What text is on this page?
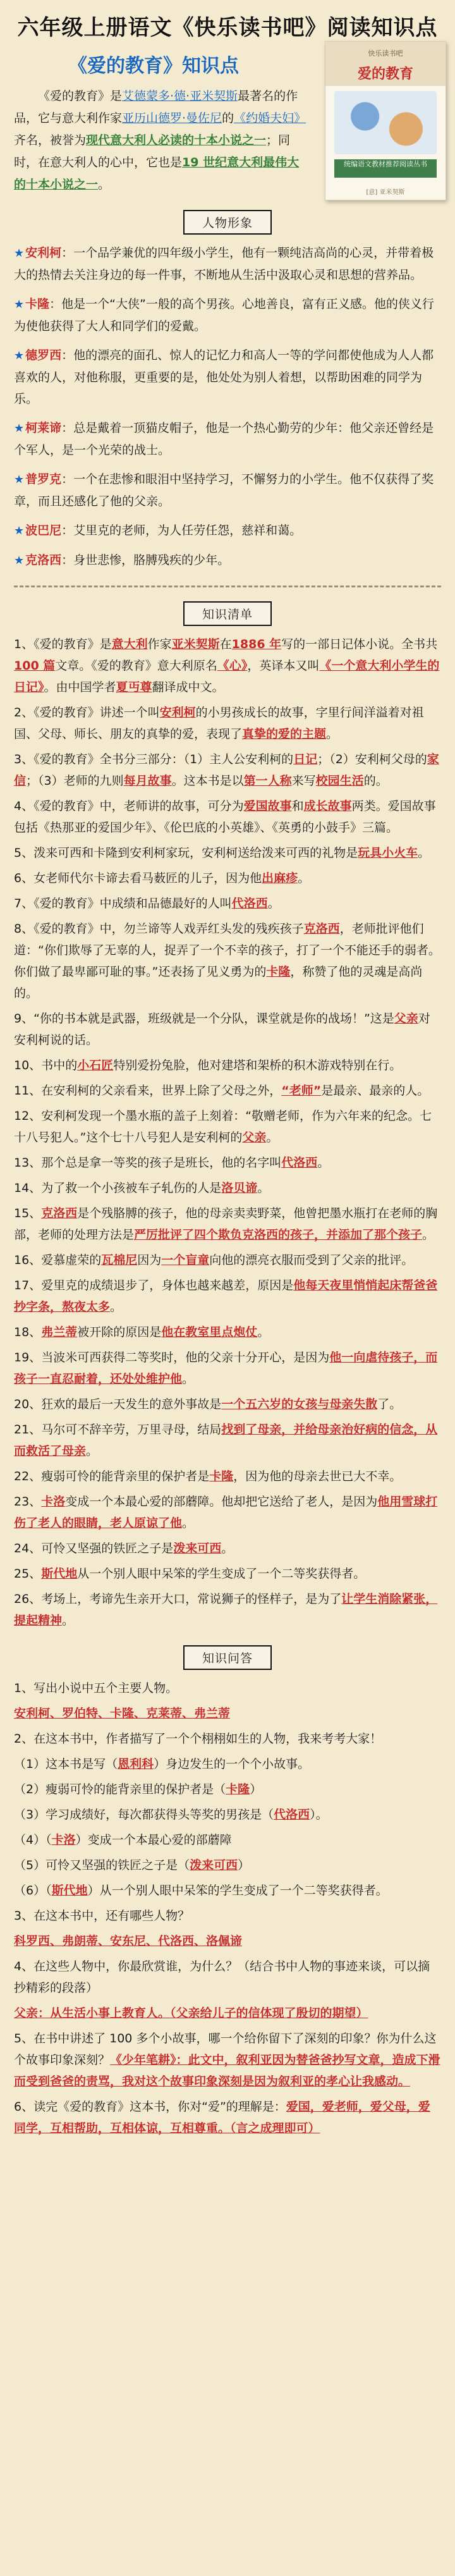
六年级上册语文《快乐读书吧》阅读知识点
《爱的教育》知识点
快乐读书吧
爱的教育
统编语文教材推荐阅读丛书
[意] 亚米契斯
《爱的教育》是艾德蒙多·德·亚米契斯最著名的作品，它与意大利作家亚历山德罗·曼佐尼的《约婚夫妇》齐名，被誉为现代意大利人必读的十本小说之一；同时，在意大利人的心中，它也是19 世纪意大利最伟大的十本小说之一。
人物形象
★ 安利柯：一个品学兼优的四年级小学生，他有一颗纯洁高尚的心灵，并带着极大的热情去关注身边的每一件事，不断地从生活中汲取心灵和思想的营养品。
★ 卡隆：他是一个“大侠”一般的高个男孩。心地善良，富有正义感。他的侠义行为使他获得了大人和同学们的爱戴。
★ 德罗西：他的漂亮的面孔、惊人的记忆力和高人一等的学问都使他成为人人都喜欢的人，对他称服，更重要的是，他处处为别人着想，以帮助困难的同学为乐。
★ 柯莱谛：总是戴着一顶猫皮帽子，他是一个热心勤劳的少年：他父亲还曾经是个军人，是一个光荣的战士。
★ 普罗克：一个在悲惨和眼泪中坚持学习，不懈努力的小学生。他不仅获得了奖章，而且还感化了他的父亲。
★ 波巴尼：艾里克的老师，为人任劳任怨，慈祥和蔼。
★ 克洛西：身世悲惨，胳膊残疾的少年。
知识清单
1、《爱的教育》是意大利作家亚米契斯在1886 年写的一部日记体小说。全书共100 篇文章。《爱的教育》意大利原名《心》，英译本又叫《一个意大利小学生的日记》。由中国学者夏丏尊翻译成中文。
2、《爱的教育》讲述一个叫安利柯的小男孩成长的故事，字里行间洋溢着对祖国、父母、师长、朋友的真挚的爱，表现了真挚的爱的主题。
3、《爱的教育》全书分三部分：（1）主人公安利柯的日记；（2）安利柯父母的家信；（3）老师的九则每月故事。这本书是以第一人称来写校园生活的。
4、《爱的教育》中，老师讲的故事，可分为爱国故事和成长故事两类。爱国故事包括《热那亚的爱国少年》、《伦巴底的小英雄》、《英勇的小鼓手》三篇。
5、泼来可西和卡隆到安利柯家玩，安利柯送给泼来可西的礼物是玩具小火车。
6、女老师代尔卡谛去看马薮匠的儿子，因为他出麻疹。
7、《爱的教育》中成绩和品德最好的人叫代洛西。
8、《爱的教育》中，勿兰谛等人戏弄红头发的残疾孩子克洛西，老师批评他们道：“你们欺辱了无辜的人，捉弄了一个不幸的孩子，打了一个不能还手的弱者。你们做了最卑鄙可耻的事。”还表扬了见义勇为的卡隆，称赞了他的灵魂是高尚的。
9、“你的书本就是武器，班级就是一个分队，课堂就是你的战场！”这是父亲对安利柯说的话。
10、书中的小石匠特别爱扮兔脸，他对建塔和架桥的积木游戏特别在行。
11、在安利柯的父亲看来，世界上除了父母之外，“老师”是最亲、最亲的人。
12、安利柯发现一个墨水瓶的盖子上刻着：“敬赠老师，作为六年来的纪念。七十八号犯人。”这个七十八号犯人是安利柯的父亲。
13、那个总是拿一等奖的孩子是班长，他的名字叫代洛西。
14、为了救一个小孩被车子轧伤的人是洛贝谛。
15、克洛西是个残胳膊的孩子，他的母亲卖卖野菜，他曾把墨水瓶打在老师的胸部，老师的处理方法是严厉批评了四个欺负克洛西的孩子，并添加了那个孩子。
16、爱慕虚荣的瓦棉尼因为一个盲童向他的漂亮衣服而受到了父亲的批评。
17、爱里克的成绩退步了，身体也越来越差，原因是他每天夜里悄悄起床帮爸爸抄字条，熬夜太多。
18、弗兰蒂被开除的原因是他在教室里点炮仗。
19、当波米可西获得二等奖时，他的父亲十分开心，是因为他一向虐待孩子，而孩子一直忍耐着，还处处维护他。
20、狂欢的最后一天发生的意外事故是一个五六岁的女孩与母亲失散了。
21、马尔可不辞辛劳，万里寻母，结局找到了母亲，并给母亲治好病的信念，从而救活了母亲。
22、瘦弱可怜的能背亲里的保护者是卡隆，因为他的母亲去世已大不幸。
23、卡洛变成一个本最心爱的部蘑障。他却把它送给了老人，是因为他用雪球打伤了老人的眼睛，老人原谅了他。
24、可怜又坚强的铁匠之子是泼来可西。
25、斯代地从一个别人眼中呆笨的学生变成了一个二等奖获得者。
26、考场上，考谛先生亲开大口，常说狮子的怪样子，是为了让学生消除紧张，提起精神。
知识问答
1、写出小说中五个主要人物。
安利柯、罗伯特、卡隆、克莱蒂、弗兰蒂
2、在这本书中，作者描写了一个个栩栩如生的人物，我来考考大家！
（1）这本书是写（恩利科）身边发生的一个个小故事。
（2）瘦弱可怜的能背亲里的保护者是（卡隆）
（3）学习成绩好，每次都获得头等奖的男孩是（代洛西）。
（4）（卡洛）变成一个本最心爱的部蘑障
（5）可怜又坚强的铁匠之子是（泼来可西）
（6）（斯代地）从一个别人眼中呆笨的学生变成了一个二等奖获得者。
3、在这本书中，还有哪些人物？
科罗西、弗朗蒂、安东尼、代洛西、洛佩谛
4、在这些人物中，你最欣赏谁，为什么？（结合书中人物的事迹来谈，可以摘抄精彩的段落）
父亲：从生活小事上教育人。（父亲给儿子的信体现了殷切的期望）
5、在书中讲述了 100 多个小故事，哪一个给你留下了深刻的印象？你为什么这个故事印象深刻？《少年笔耕》：此文中，叙利亚因为替爸爸抄写文章，造成下滑而受到爸爸的责骂，我对这个故事印象深刻是因为叙利亚的孝心让我感动。
6、读完《爱的教育》这本书，你对“爱”的理解是：爱国，爱老师，爱父母，爱同学，互相帮助，互相体谅，互相尊重。（言之成理即可）
